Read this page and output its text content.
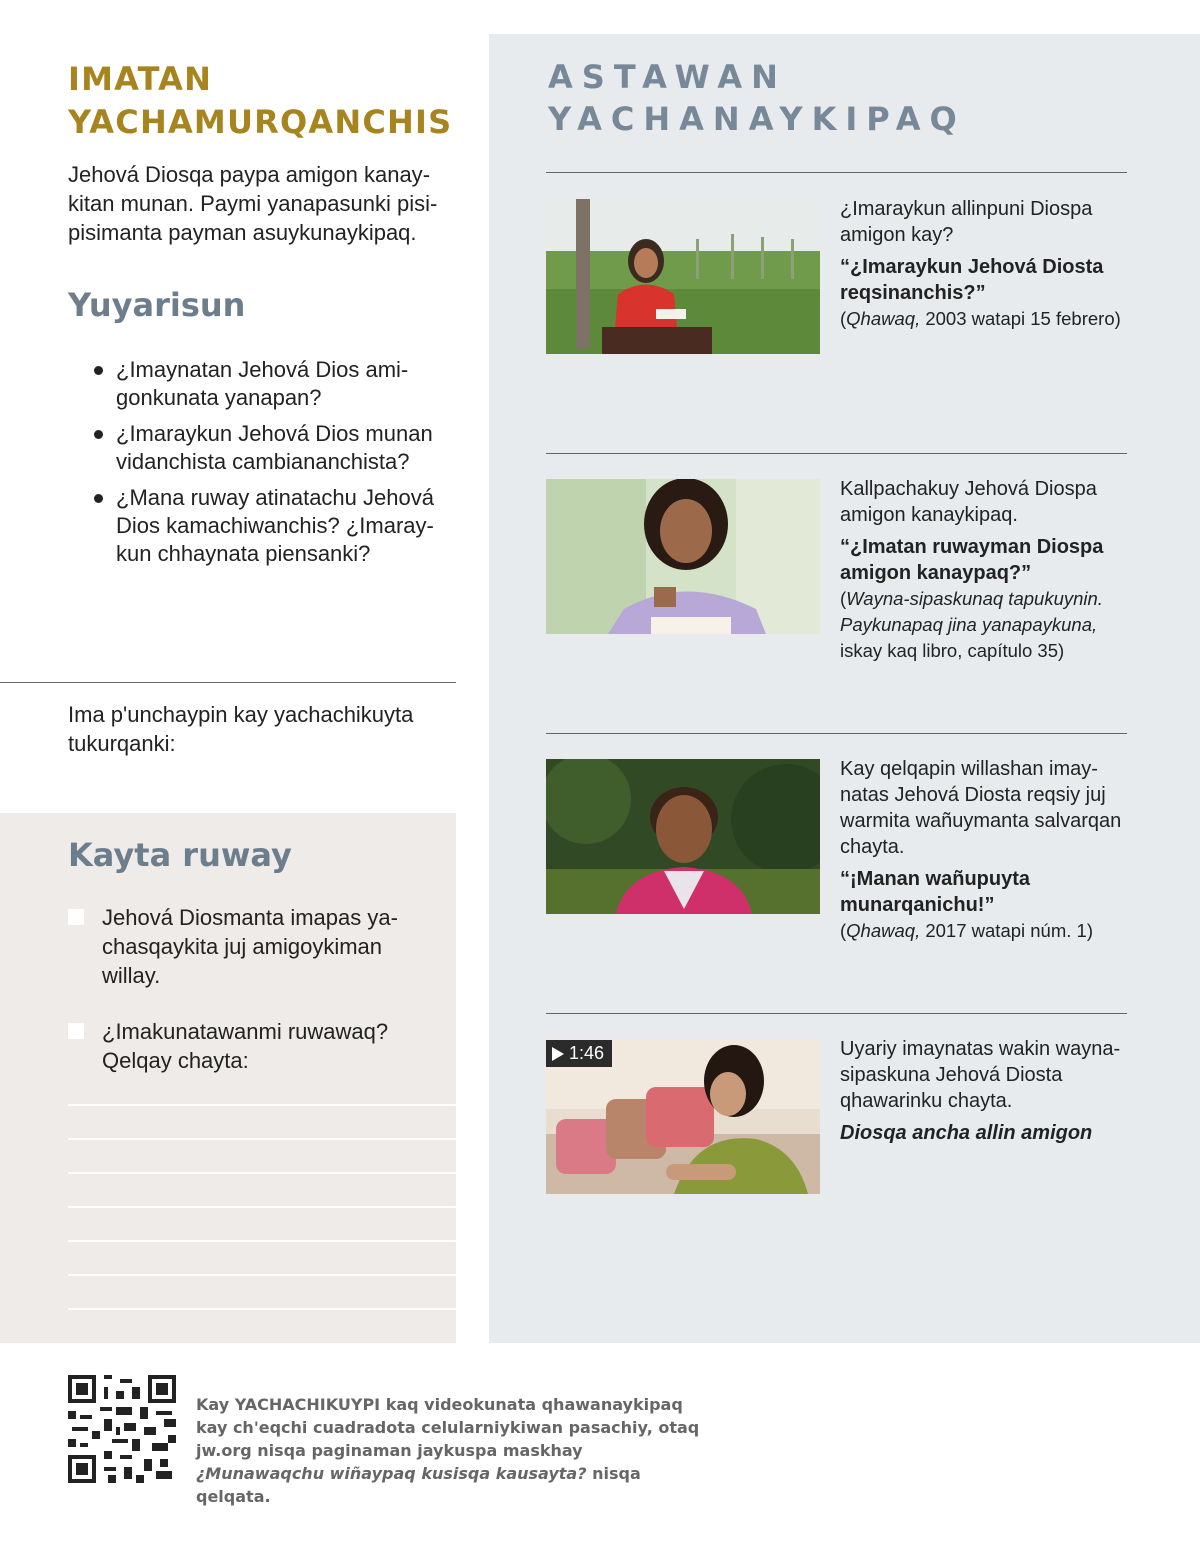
IMATAN
YACHAMURQANCHIS

Jehová Diosqa paypa amigon kanaykitan munan. Paymi yanapasunki pisipisimanta payman asuykunaykipaq.

Yuyarisun
¿Imaynatan Jehová Dios amigonkunata yanapan?
¿Imaraykun Jehová Dios munan vidanchista cambiananchista?
¿Mana ruway atinatachu Jehová Dios kamachiwanchis? ¿Imaraykun chhaynata piensanki?

Ima p'unchaypin kay yachachikuyta tukurqanki:

Kayta ruway
Jehová Diosmanta imapas yachasqaykita juj amigoykiman willay.
¿Imakunatawanmi ruwawaq? Qelqay chayta:
ASTAWAN
YACHANAYKIPAQ
¿Imaraykun allinpuni Diospa amigon kay?
“¿Imaraykun Jehová Diosta reqsinanchis?”
(Qhawaq, 2003 watapi 15 febrero)
Kallpachakuy Jehová Diospa amigon kanaykipaq.
“¿Imatan ruwayman Diospa amigon kanaypaq?”
(Wayna-sipaskunaq tapukuynin. Paykunapaq jina yanapaykuna, iskay kaq libro, capítulo 35)
Kay qelqapin willashan imaynatas Jehová Diosta reqsiy juj warmita wañuymanta salvarqan chayta.
“¡Manan wañupuyta munarqanichu!”
(Qhawaq, 2017 watapi núm. 1)
1:46	Uyariy imaynatas wakin wayna-sipaskuna Jehová Diosta qhawarinku chayta.
Diosqa ancha allin amigon

Kay YACHACHIKUYPI kaq videokunata qhawanaykipaq kay ch'eqchi cuadradota celularniykiwan pasachiy, otaq jw.org nisqa paginaman jaykuspa maskhay ¿Munawaqchu wiñaypaq kusisqa kausayta? nisqa qelqata.
